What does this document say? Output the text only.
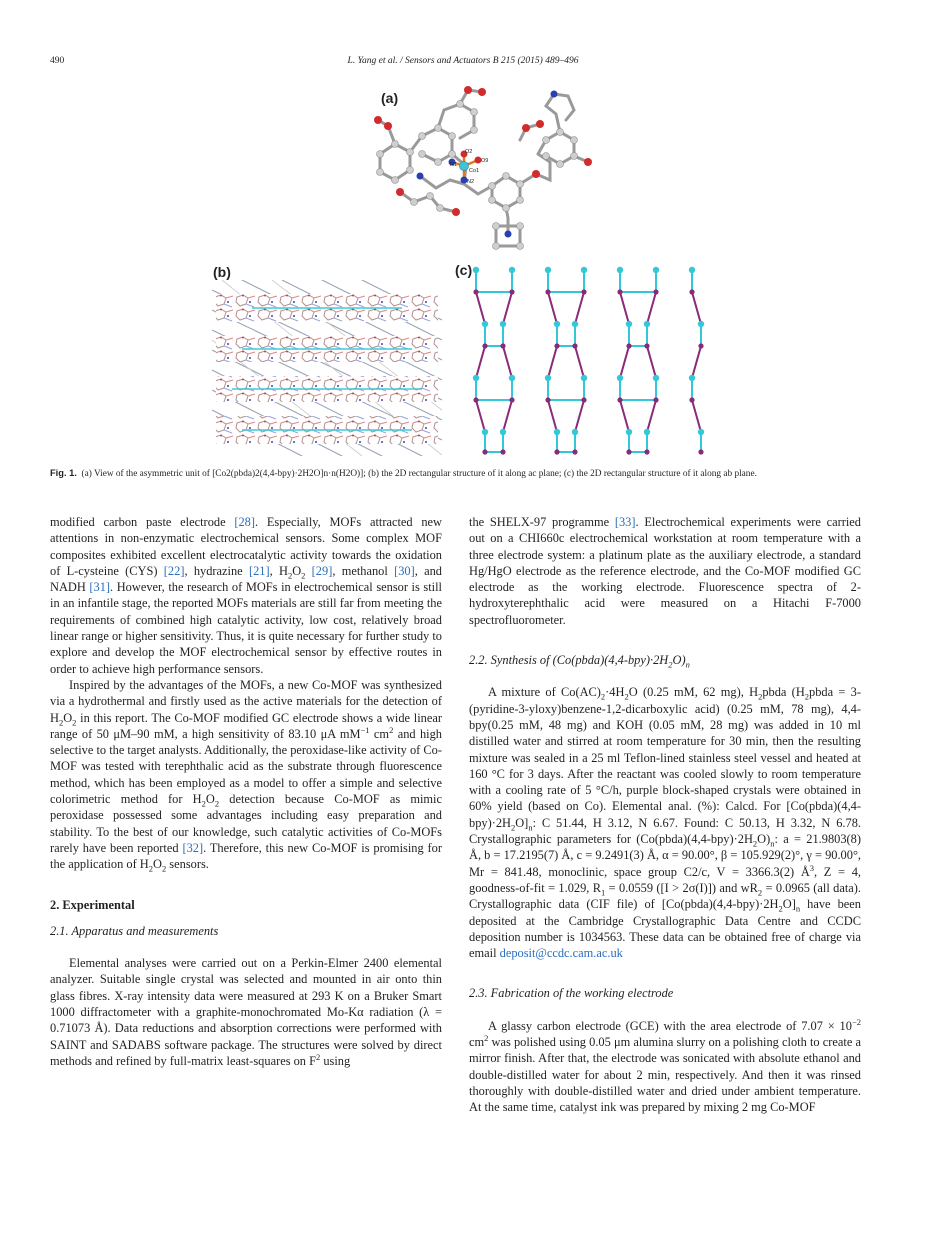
490	L. Yang et al. / Sensors and Actuators B 215 (2015) 489–496
(a)
(b)	(c)
N1
O2
O9
Co1
N2
Fig. 1. (a) View of the asymmetric unit of [Co2(pbda)2(4,4-bpy)·2H2O]n·n(H2O)]; (b) the 2D rectangular structure of it along ac plane; (c) the 2D rectangular structure of it along ab plane.

modified carbon paste electrode [28]. Especially, MOFs attracted new attentions in non-enzymatic electrochemical sensors. Some complex MOF composites exhibited excellent electrocatalytic activity towards the oxidation of L-cysteine (CYS) [22], hydrazine [21], $H_2O_2$ [29], methanol [30], and NADH [31]. However, the research of MOFs in electrochemical sensor is still in an infantile stage, the reported MOFs materials are still far from meeting the requirements of combined high catalytic activity, low cost, relatively broad linear range or higher sensitivity. Thus, it is quite necessary for further study to explore and develop the MOF electrochemical sensor by effective routes in order to achieve high performance sensors.

Inspired by the advantages of the MOFs, a new Co-MOF was synthesized via a hydrothermal and firstly used as the active materials for the detection of $H_2O_2$ in this report. The Co-MOF modified GC electrode shows a wide linear range of 50 μM–90 mM, a high sensitivity of 83.10 μA $mM^{-1}$ $cm^2$ and high selective to the target analysts. Additionally, the peroxidase-like activity of Co-MOF was tested with terephthalic acid as the substrate through fluorescence method, which has been employed as a model to offer a simple and selective colorimetric method for $H_2O_2$ detection because Co-MOF as mimic peroxidase possessed some advantages including easy preparation and stability. To the best of our knowledge, such catalytic activities of Co-MOFs rarely have been reported [32]. Therefore, this new Co-MOF is promising for the application of $H_2O_2$ sensors.

2. Experimental
2.1. Apparatus and measurements

Elemental analyses were carried out on a Perkin-Elmer 2400 elemental analyzer. Suitable single crystal was selected and mounted in air onto thin glass fibres. X-ray intensity data were measured at 293 K on a Bruker Smart 1000 diffractometer with a graphite-monochromated Mo-Kα radiation (λ = 0.71073 Å). Data reductions and absorption corrections were performed with SAINT and SADABS software package. The structures were solved by direct methods and refined by full-matrix least-squares on $F^2$ using

the SHELX-97 programme [33]. Electrochemical experiments were carried out on a CHI660c electrochemical workstation at room temperature with a three electrode system: a platinum plate as the auxiliary electrode, a standard Hg/HgO electrode as the reference electrode, and the Co-MOF modified GC electrode as the working electrode. Fluorescence spectra of 2-hydroxyterephthalic acid were measured on a Hitachi F-7000 spectrofluorometer.

2.2. Synthesis of $(Co(pbda)(4,4-bpy)\cdot 2H_2O)_n$

A mixture of $Co(AC)_2\cdot 4H_2O$ (0.25 mM, 62 mg), $H_2pbda$ ($H_2pbda$ = 3-(pyridine-3-yloxy)benzene-1,2-dicarboxylic acid) (0.25 mM, 78 mg), 4,4-bpy(0.25 mM, 48 mg) and KOH (0.05 mM, 28 mg) was added in 10 ml distilled water and stirred at room temperature for 30 min, then the resulting mixture was sealed in a 25 ml Teflon-lined stainless steel vessel and heated at 160 °C for 3 days. After the reactant was cooled slowly to room temperature with a cooling rate of 5 °C/h, purple block-shaped crystals were obtained in 60% yield (based on Co). Elemental anal. (%): Calcd. For $[Co(pbda)(4,4-bpy)\cdot 2H_2O]_n$: C 51.44, H 3.12, N 6.67. Found: C 50.13, H 3.32, N 6.78. Crystallographic parameters for $(Co(pbda)(4,4-bpy)\cdot 2H_2O)_n$: a = 21.9803(8) Å, b = 17.2195(7) Å, c = 9.2491(3) Å, α = 90.00°, β = 105.929(2)°, γ = 90.00°, Mr = 841.48, monoclinic, space group C2/c, V = 3366.3(2) $Å^3$, Z = 4, goodness-of-fit = 1.029, $R_1 = 0.0559$ ([I > 2σ(I)]) and $wR_2 = 0.0965$ (all data). Crystallographic data (CIF file) of $[Co(pbda)(4,4-bpy)\cdot 2H_2O]_n$ have been deposited at the Cambridge Crystallographic Data Centre and CCDC deposition number is 1034563. These data can be obtained free of charge via email deposit@ccdc.cam.ac.uk

2.3. Fabrication of the working electrode

A glassy carbon electrode (GCE) with the area electrode of $7.07 \times 10^{-2}$ $cm^2$ was polished using 0.05 μm alumina slurry on a polishing cloth to create a mirror finish. After that, the electrode was sonicated with absolute ethanol and double-distilled water for about 2 min, respectively. And then it was rinsed thoroughly with double-distilled water and dried under ambient temperature. At the same time, catalyst ink was prepared by mixing 2 mg Co-MOF
